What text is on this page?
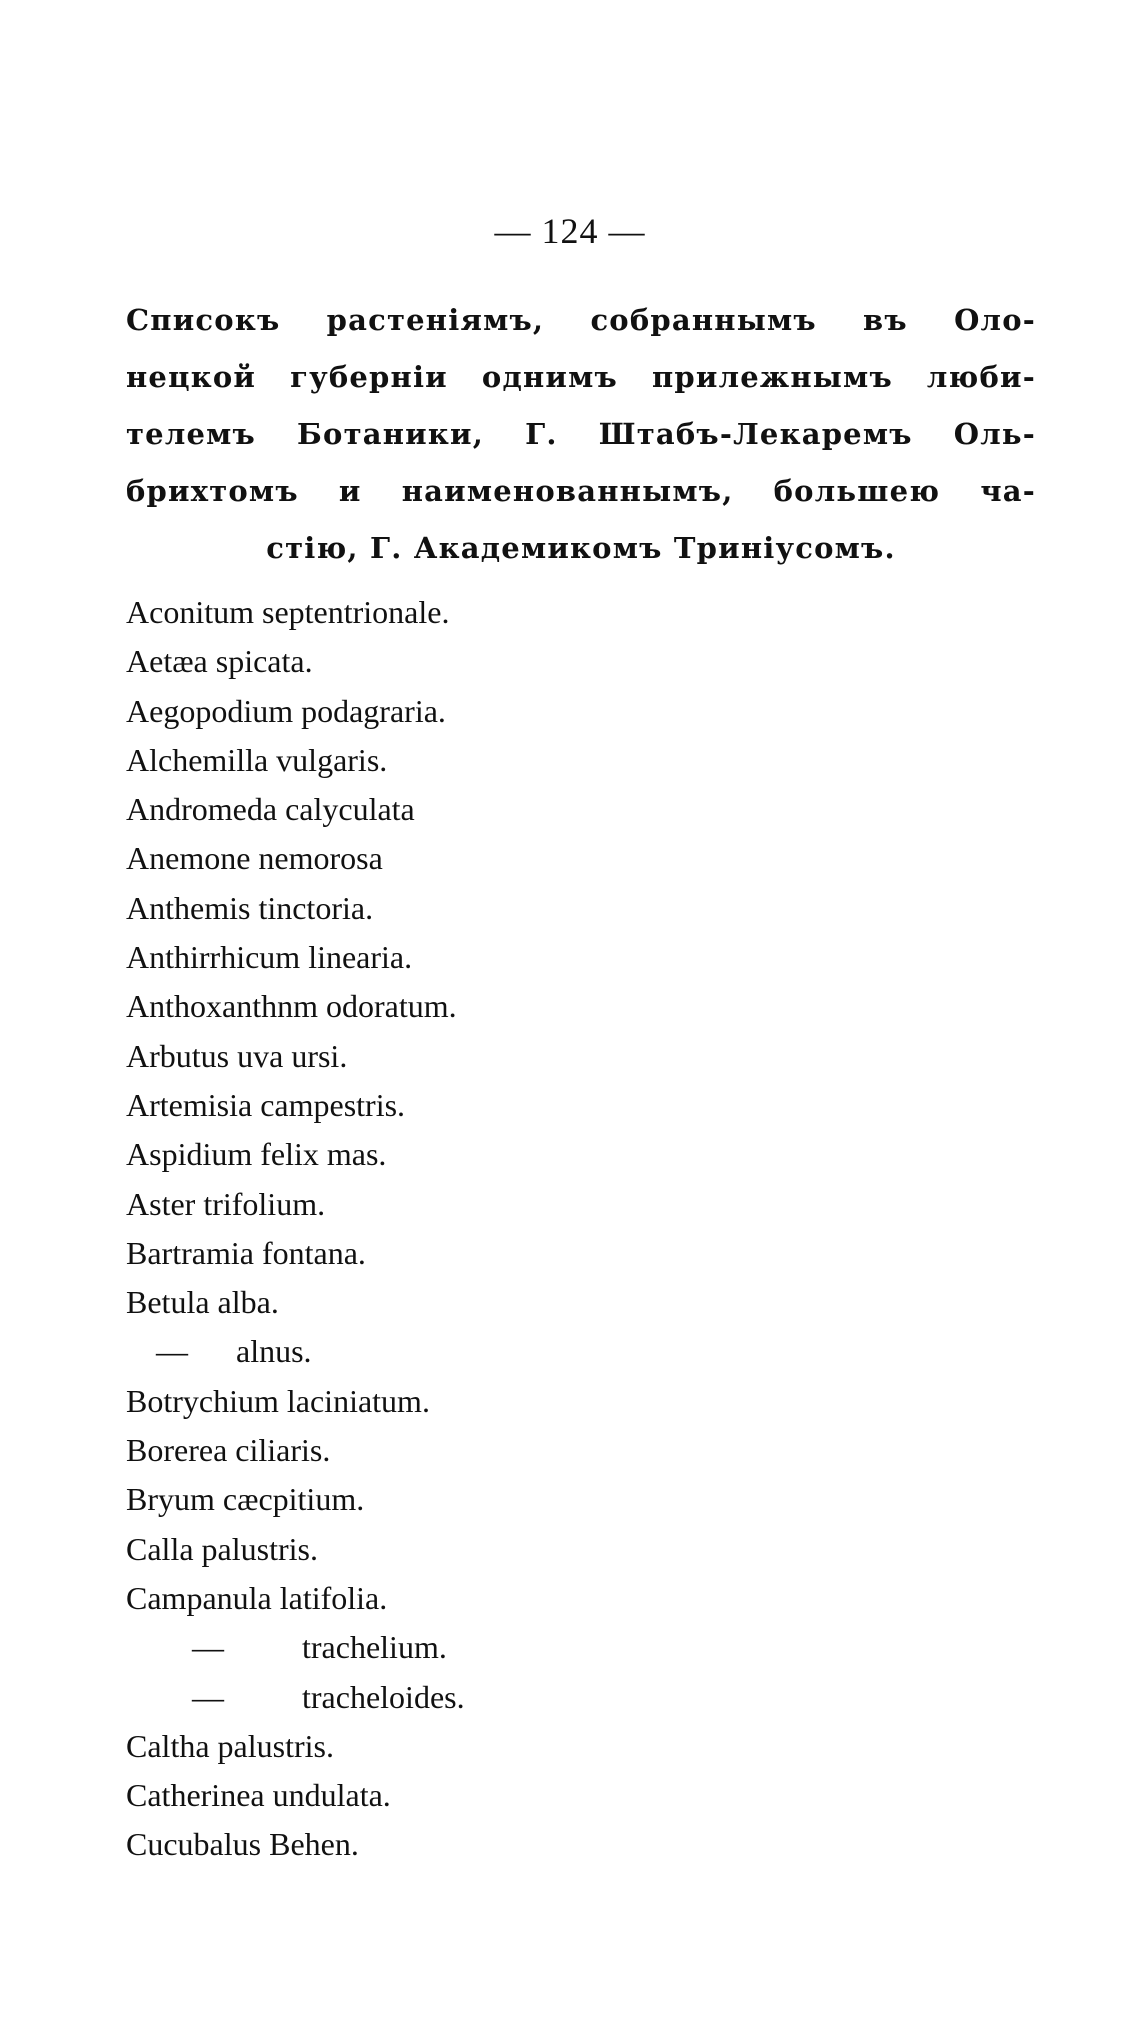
— 124 —
Списокъ растеніямъ, собраннымъ въ Оло-
нецкой губерніи однимъ прилежнымъ люби-
телемъ Ботаники, Г. Штабъ-Лекаремъ Оль-
брихтомъ и наименованнымъ, большею ча-
стію, Г. Академикомъ Триніусомъ.
Aconitum septentrionale.
Aetæa spicata.
Aegopodium podagraria.
Alchemilla vulgaris.
Andromeda calyculata
Anemone nemorosa
Anthemis tinctoria.
Anthirrhicum linearia.
Anthoxanthnm odoratum.
Arbutus uva ursi.
Artemisia campestris.
Aspidium felix mas.
Aster trifolium.
Bartramia fontana.
Betula alba.
— alnus.
Botrychium laciniatum.
Borerea ciliaris.
Bryum cæcpitium.
Calla palustris.
Campanula latifolia.
— trachelium.
— tracheloides.
Caltha palustris.
Catherinea undulata.
Cucubalus Behen.
